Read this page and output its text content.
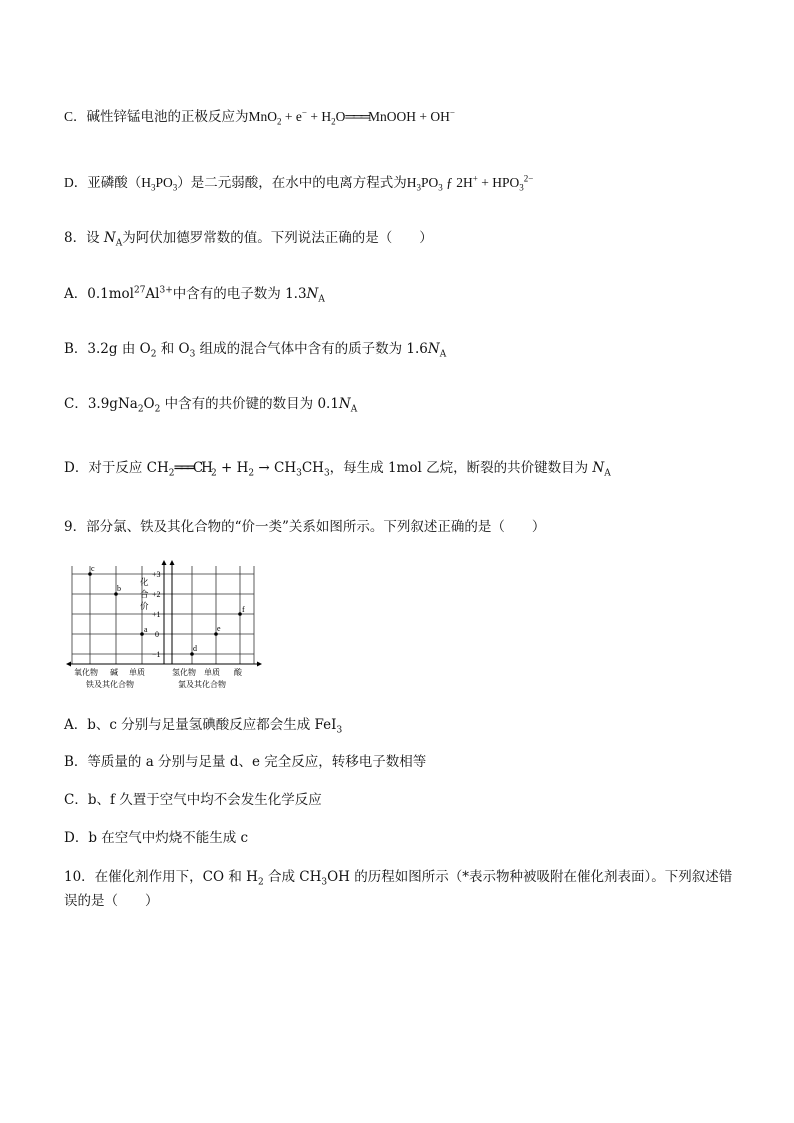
C．碱性锌锰电池的正极反应为$MnO_2 + e^- + H_2O═══MnOOH + OH^-$
D．亚磷酸$(H_3PO_3)$是二元弱酸，在水中的电离方程式为$H_3PO_3$ ƒ $2H^+ + HPO_3^{2-}$
8．设 $N_A$为阿伏加德罗常数的值。下列说法正确的是（　　）
A．$0.1mol^{27}Al^{3+}$中含有的电子数为 $1.3N_A$
B．3.2g 由 $O_2$ 和 $O_3$ 组成的混合气体中含有的质子数为 $1.6N_A$
C．$3.9gNa_2O_2$ 中含有的共价键的数目为 $0.1N_A$
D．对于反应 $CH_2═══CH_2 + H_2 \to CH_3CH_3$，每生成 1mol 乙烷，断裂的共价键数目为 $N_A$
9．部分氯、铁及其化合物的“价一类”关系如图所示。下列叙述正确的是（　　）
化
合
价
+3
+2
+1
0
−1
c
b
a
d
e
f
氧化物 碱 单质	氢化物 单质 酸
铁及其化合物	氯及其化合物
A．b、c 分别与足量氢碘酸反应都会生成 FeI$_3$
B．等质量的 a 分别与足量 d、e 完全反应，转移电子数相等
C．b、f 久置于空气中均不会发生化学反应
D．b 在空气中灼烧不能生成 c
10．在催化剂作用下，CO 和 $H_2$ 合成 $CH_3OH$ 的历程如图所示（*表示物种被吸附在催化剂表面）。下列叙述错
误的是（　　）
